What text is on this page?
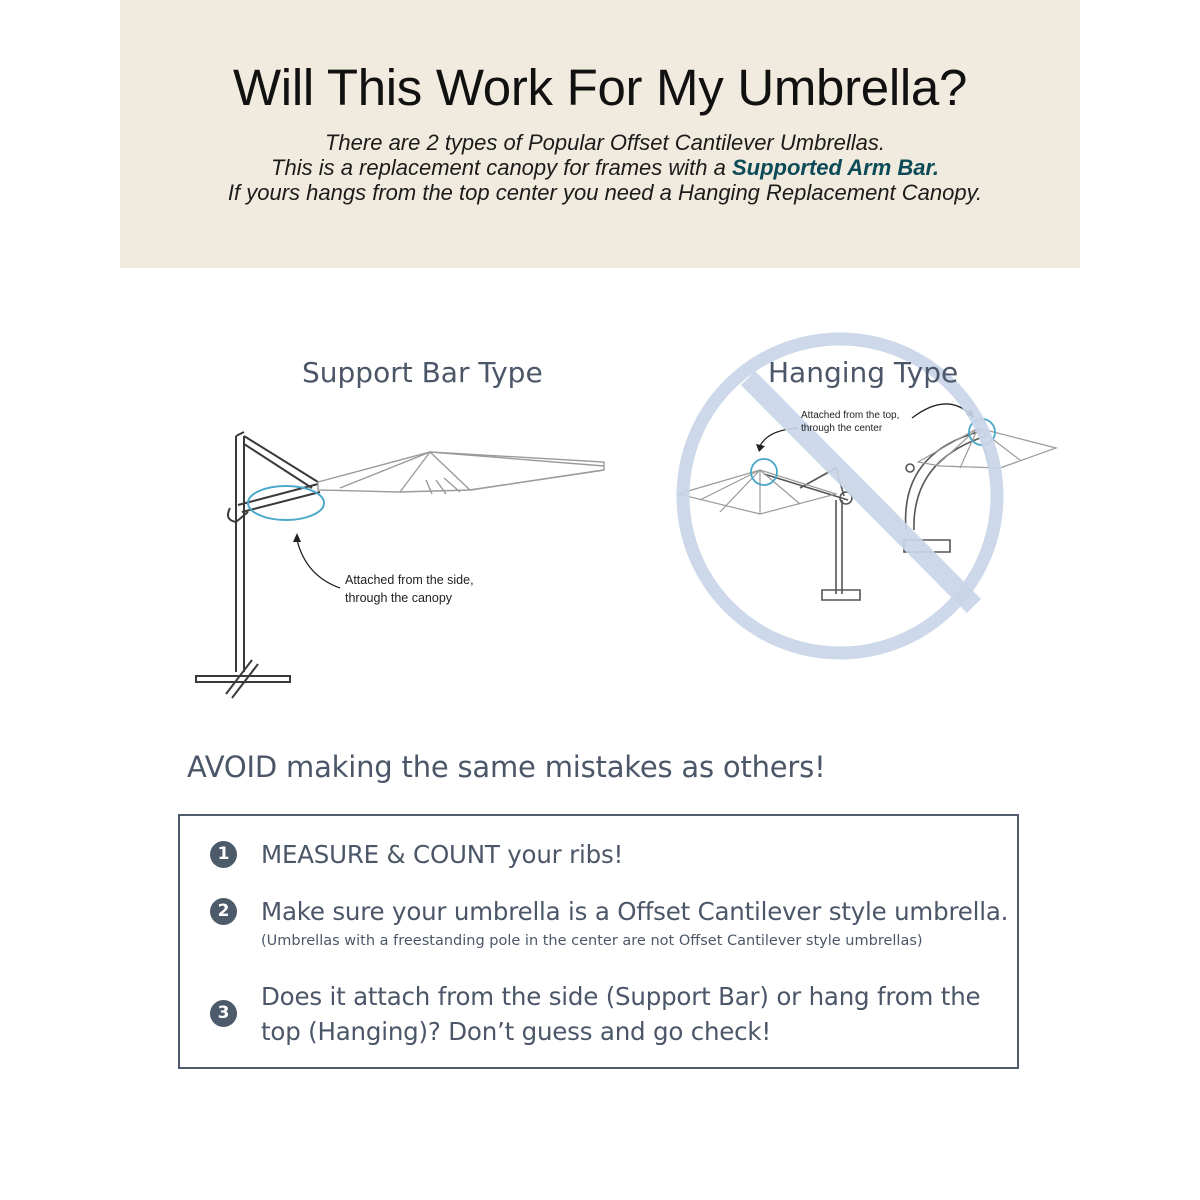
Will This Work For My Umbrella?
There are 2 types of Popular Offset Cantilever Umbrellas.
This is a replacement canopy for frames with a Supported Arm Bar.
If yours hangs from the top center you need a Hanging Replacement Canopy.
Support Bar Type	Hanging Type
Attached from the side,
through the canopy
Attached from the top,
through the center
AVOID making the same mistakes as others!
1	MEASURE & COUNT your ribs!
2	Make sure your umbrella is a Offset Cantilever style umbrella.
(Umbrellas with a freestanding pole in the center are not Offset Cantilever style umbrellas)
3
Does it attach from the side (Support Bar) or hang from the
top (Hanging)? Don’t guess and go check!
